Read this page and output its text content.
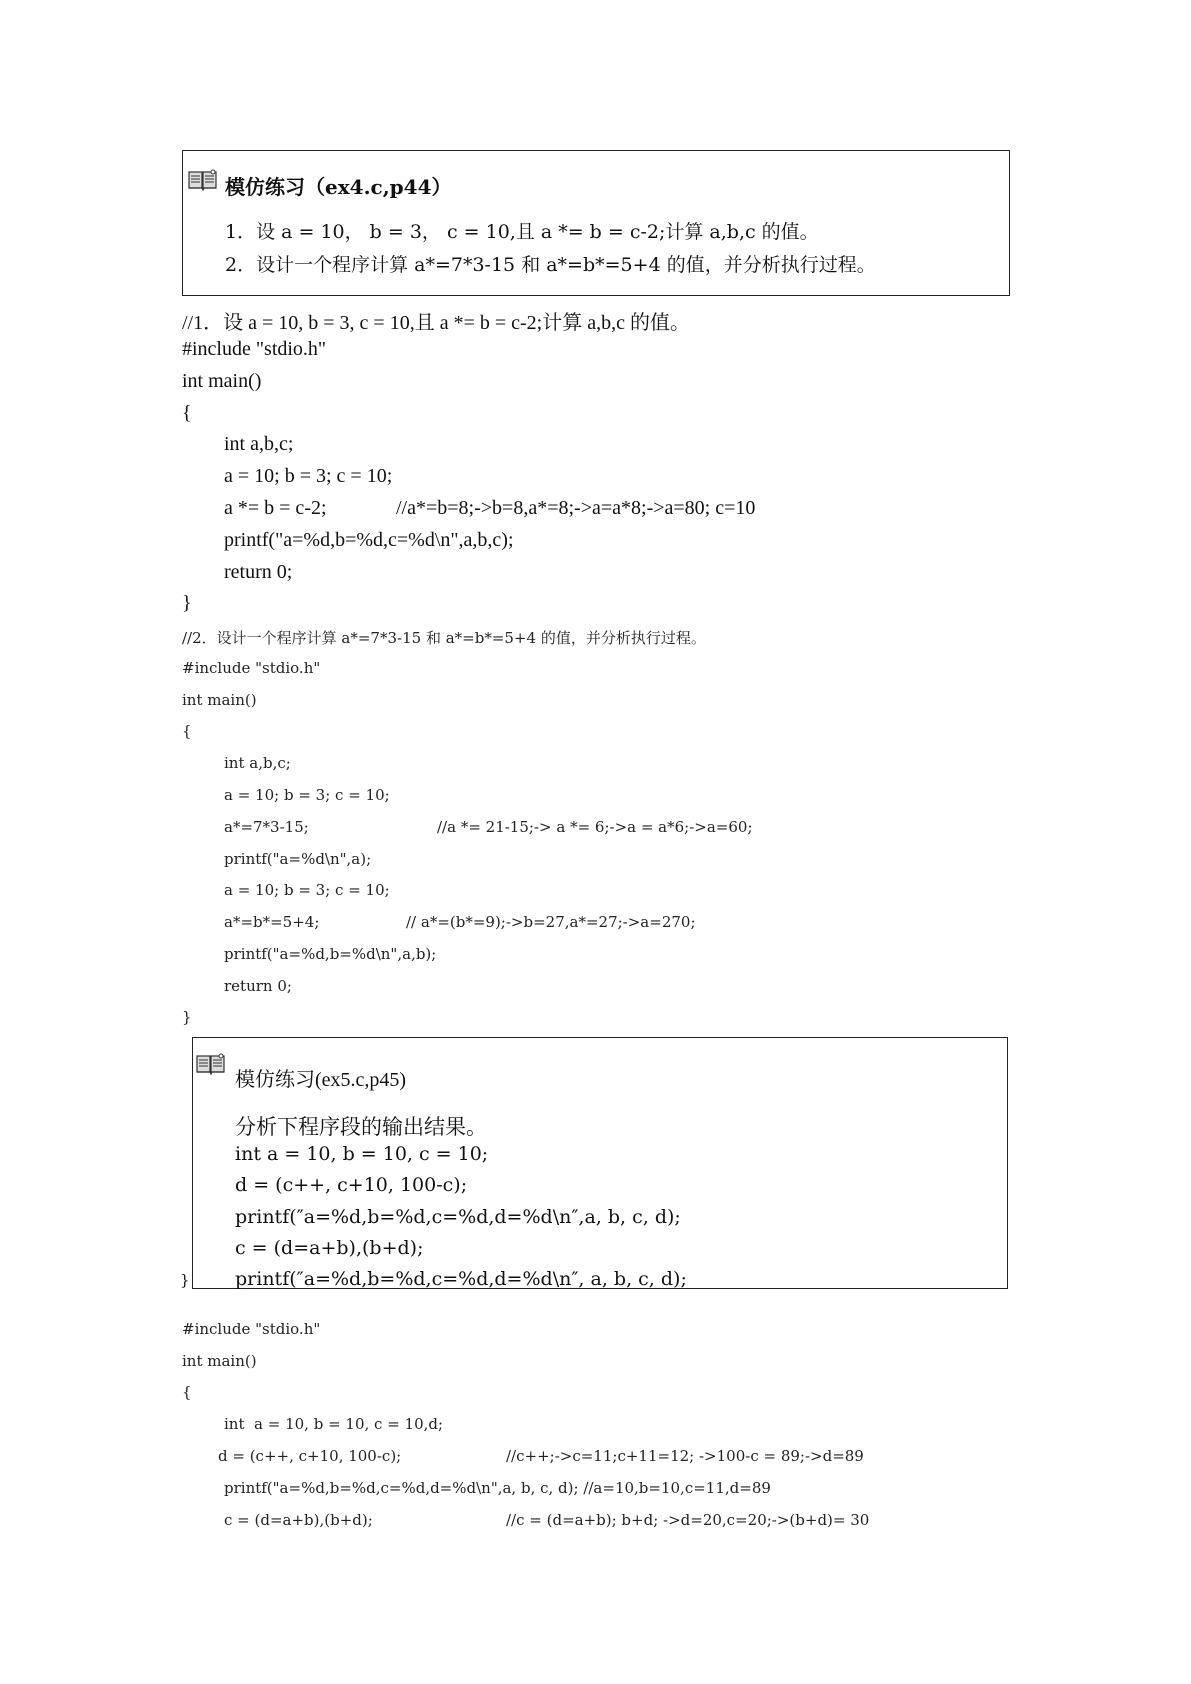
模仿练习（ex4.c,p44）
1．设 a = 10， b = 3， c = 10,且 a *= b = c-2;计算 a,b,c 的值。
2．设计一个程序计算 a*=7*3-15 和 a*=b*=5+4 的值，并分析执行过程。
//1．设 a = 10, b = 3, c = 10,且 a *= b = c-2;计算 a,b,c 的值。
#include "stdio.h"
int main()
{
int a,b,c;
a = 10; b = 3; c = 10;
a *= b = c-2;	//a*=b=8;->b=8,a*=8;->a=a*8;->a=80; c=10
printf("a=%d,b=%d,c=%d\n",a,b,c);
return 0;
}
//2．设计一个程序计算 a*=7*3-15 和 a*=b*=5+4 的值，并分析执行过程。
#include "stdio.h"
int main()
{
int a,b,c;
a = 10; b = 3; c = 10;
a*=7*3-15;	//a *= 21-15;-> a *= 6;->a = a*6;->a=60;
printf("a=%d\n",a);
a = 10; b = 3; c = 10;
a*=b*=5+4;	// a*=(b*=9);->b=27,a*=27;->a=270;
printf("a=%d,b=%d\n",a,b);
return 0;
}
}
模仿练习(ex5.c,p45)
分析下程序段的输出结果。
int a = 10, b = 10, c = 10;
d = (c++, c+10, 100-c);
printf(″a=%d,b=%d,c=%d,d=%d\n″,a, b, c, d);
c = (d=a+b),(b+d);
printf(″a=%d,b=%d,c=%d,d=%d\n″, a, b, c, d);
#include "stdio.h"
int main()
{
int  a = 10, b = 10, c = 10,d;
d = (c++, c+10, 100-c);	//c++;->c=11;c+11=12; ->100-c = 89;->d=89
printf("a=%d,b=%d,c=%d,d=%d\n",a, b, c, d); //a=10,b=10,c=11,d=89
c = (d=a+b),(b+d);	//c = (d=a+b); b+d; ->d=20,c=20;->(b+d)= 30
